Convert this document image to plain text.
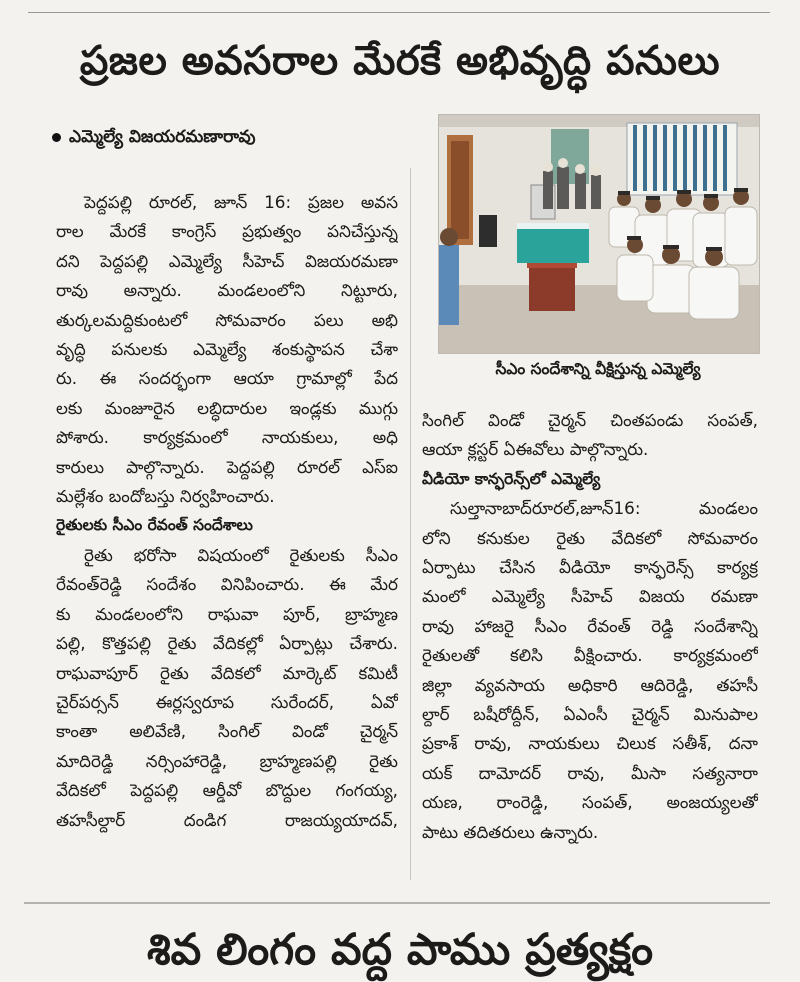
ప్రజల అవసరాల మేరకే అభివృద్ధి పనులు
ఎమ్మెల్యే విజయరమణారావు
సీఎం సందేశాన్ని వీక్షిస్తున్న ఎమ్మెల్యే
పెద్దపల్లి రూరల్, జూన్ 16: ప్రజల అవస
రాల మేరకే కాంగ్రెస్ ప్రభుత్వం పనిచేస్తున్న
దని పెద్దపల్లి ఎమ్మెల్యే సీహెచ్ విజయరమణా
రావు అన్నారు. మండలంలోని నిట్టూరు,
తుర్కలమద్దికుంటలో సోమవారం పలు అభి
వృద్ధి పనులకు ఎమ్మెల్యే శంకుస్థాపన చేశా
రు. ఈ సందర్భంగా ఆయా గ్రామాల్లో పేద
లకు మంజూరైన లబ్ధిదారుల ఇండ్లకు ముగ్గు
పోశారు. కార్యక్రమంలో నాయకులు, అధి
కారులు పాల్గొన్నారు. పెద్దపల్లి రూరల్ ఎస్ఐ
మల్లేశం బందోబస్తు నిర్వహించారు.
రైతులకు సీఎం రేవంత్ సందేశాలు
రైతు భరోసా విషయంలో రైతులకు సీఎం
రేవంత్‌రెడ్డి సందేశం వినిపించారు. ఈ మేర
కు మండలంలోని రాఘవా పూర్, బ్రాహ్మణ
పల్లి, కొత్తపల్లి రైతు వేదికల్లో ఏర్పాట్లు చేశారు.
రాఘవాపూర్ రైతు వేదికలో మార్కెట్ కమిటీ
చైర్‌పర్సన్ ఈర్లస్వరూప సురేందర్, ఏవో
కాంతా అలివేణి, సింగిల్ విండో చైర్మన్
మాదిరెడ్డి నర్సింహారెడ్డి, బ్రాహ్మణపల్లి రైతు
వేదికలో పెద్దపల్లి ఆర్డీవో బొద్దుల గంగయ్య,
తహసీల్దార్ దండిగ రాజయ్యయాదవ్,
సింగిల్ విండో చైర్మన్ చింతపండు సంపత్,
ఆయా క్లస్టర్ ఏఈవోలు పాల్గొన్నారు.
వీడియో కాన్ఫరెన్స్‌లో ఎమ్మెల్యే
సుల్తానాబాద్‌రూరల్,జూన్16: మండలం
లోని కనుకుల రైతు వేదికలో సోమవారం
ఏర్పాటు చేసిన వీడియో కాన్ఫరెన్స్ కార్యక్ర
మంలో ఎమ్మెల్యే సీహెచ్ విజయ రమణా
రావు హాజరై సీఎం రేవంత్ రెడ్డి సందేశాన్ని
రైతులతో కలిసి వీక్షించారు. కార్యక్రమంలో
జిల్లా వ్యవసాయ అధికారి ఆదిరెడ్డి, తహసీ
ల్దార్ బషీరోద్దీన్, ఏఎంసీ చైర్మన్ మినుపాల
ప్రకాశ్ రావు, నాయకులు చిలుక సతీశ్, దనా
యక్ దామోదర్ రావు, మీసా సత్యనారా
యణ, రాంరెడ్డి, సంపత్, అంజయ్యలతో
పాటు తదితరులు ఉన్నారు.
శివ లింగం వద్ద పాము ప్రత్యక్షం
